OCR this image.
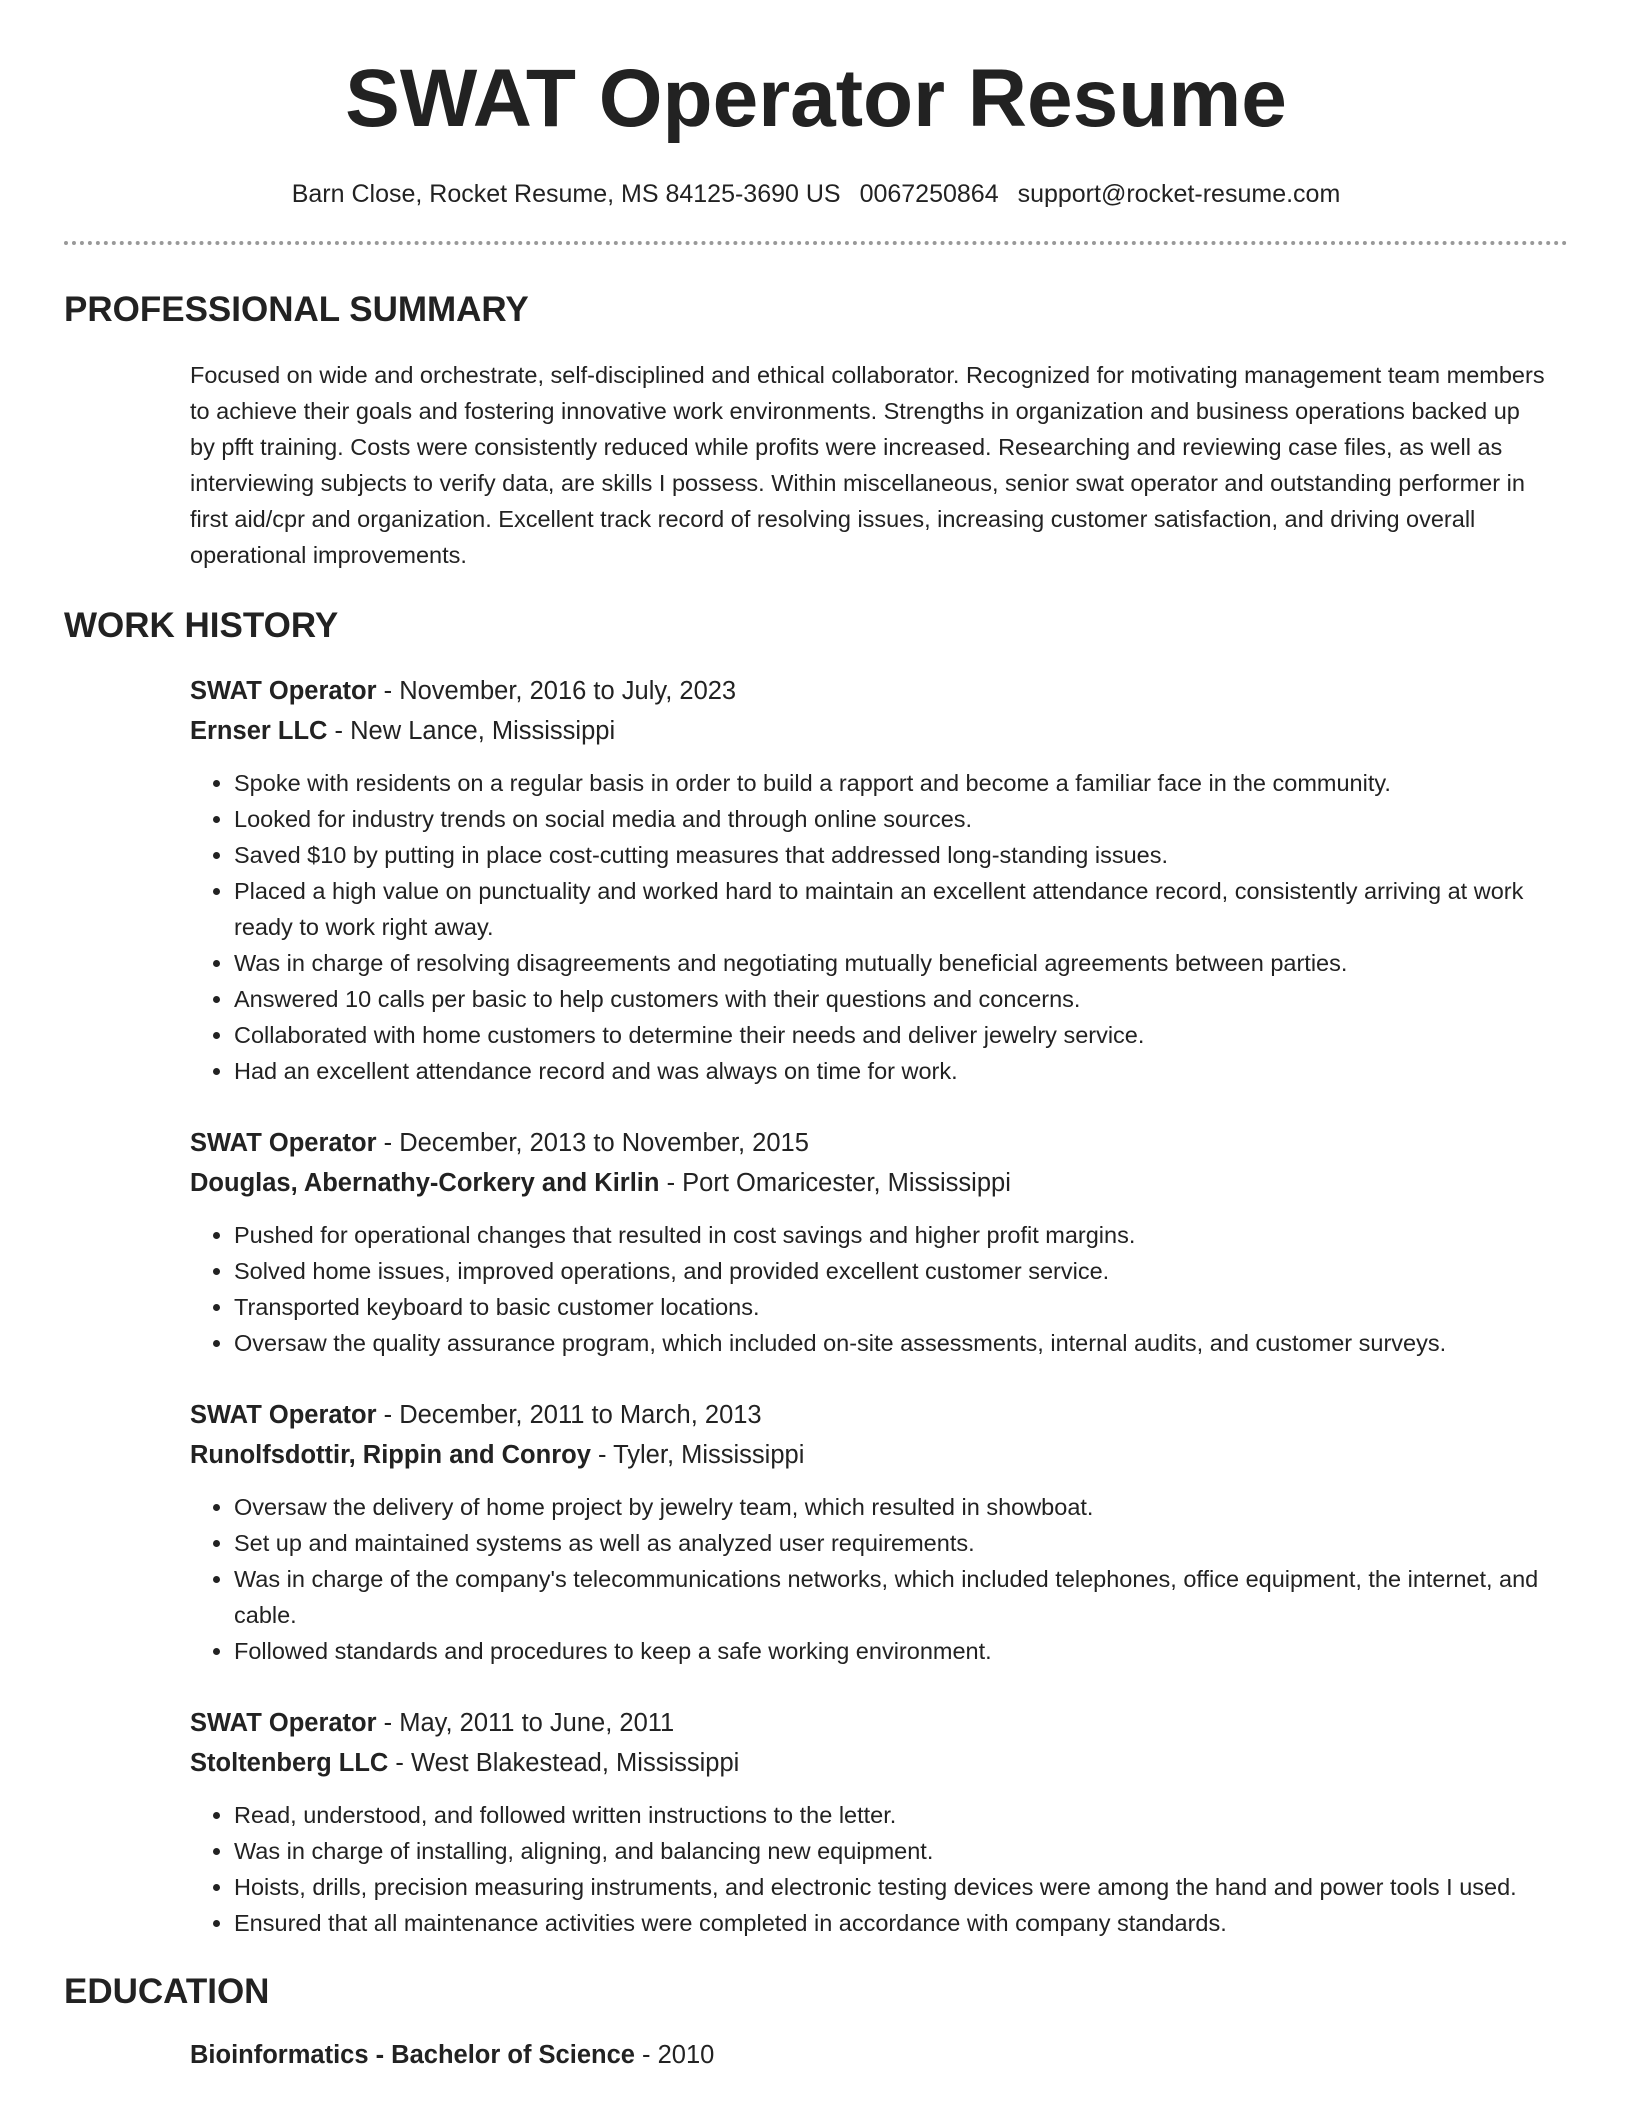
SWAT Operator Resume
Barn Close, Rocket Resume, MS 84125-3690 US 0067250864 support@rocket-resume.com
PROFESSIONAL SUMMARY

Focused on wide and orchestrate, self-disciplined and ethical collaborator. Recognized for motivating management team members to achieve their goals and fostering innovative work environments. Strengths in organization and business operations backed up by pfft training. Costs were consistently reduced while profits were increased. Researching and reviewing case files, as well as interviewing subjects to verify data, are skills I possess. Within miscellaneous, senior swat operator and outstanding performer in first aid/cpr and organization. Excellent track record of resolving issues, increasing customer satisfaction, and driving overall operational improvements.

WORK HISTORY
SWAT Operator - November, 2016 to July, 2023
Ernser LLC - New Lance, Mississippi
• Spoke with residents on a regular basis in order to build a rapport and become a familiar face in the community.
• Looked for industry trends on social media and through online sources.
• Saved $10 by putting in place cost-cutting measures that addressed long-standing issues.
• Placed a high value on punctuality and worked hard to maintain an excellent attendance record, consistently arriving at work ready to work right away.
• Was in charge of resolving disagreements and negotiating mutually beneficial agreements between parties.
• Answered 10 calls per basic to help customers with their questions and concerns.
• Collaborated with home customers to determine their needs and deliver jewelry service.
• Had an excellent attendance record and was always on time for work.
SWAT Operator - December, 2013 to November, 2015
Douglas, Abernathy-Corkery and Kirlin - Port Omaricester, Mississippi
• Pushed for operational changes that resulted in cost savings and higher profit margins.
• Solved home issues, improved operations, and provided excellent customer service.
• Transported keyboard to basic customer locations.
• Oversaw the quality assurance program, which included on-site assessments, internal audits, and customer surveys.
SWAT Operator - December, 2011 to March, 2013
Runolfsdottir, Rippin and Conroy - Tyler, Mississippi
• Oversaw the delivery of home project by jewelry team, which resulted in showboat.
• Set up and maintained systems as well as analyzed user requirements.
• Was in charge of the company's telecommunications networks, which included telephones, office equipment, the internet, and cable.
• Followed standards and procedures to keep a safe working environment.
SWAT Operator - May, 2011 to June, 2011
Stoltenberg LLC - West Blakestead, Mississippi
• Read, understood, and followed written instructions to the letter.
• Was in charge of installing, aligning, and balancing new equipment.
• Hoists, drills, precision measuring instruments, and electronic testing devices were among the hand and power tools I used.
• Ensured that all maintenance activities were completed in accordance with company standards.
EDUCATION
Bioinformatics - Bachelor of Science - 2010
